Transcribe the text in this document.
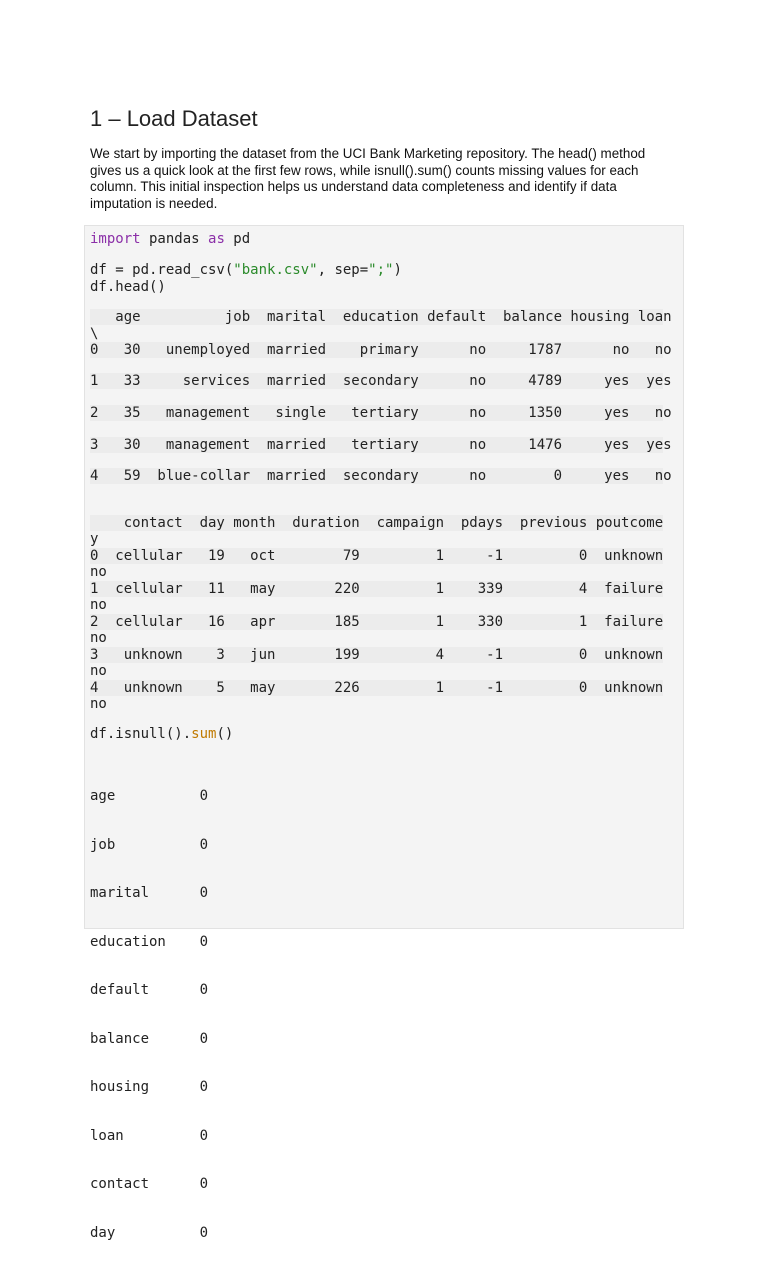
1 – Load Dataset

We start by importing the dataset from the UCI Bank Marketing repository. The head() method
gives us a quick look at the first few rows, while isnull().sum() counts missing values for each
column. This initial inspection helps us understand data completeness and identify if data
imputation is needed.

import pandas as pd
df = pd.read_csv("bank.csv", sep=";")
df.head()
age          job  marital  education default  balance housing loan
\
0   30   unemployed  married    primary      no     1787      no   no
1   33     services  married  secondary      no     4789     yes  yes
2   35   management   single   tertiary      no     1350     yes   no
3   30   management  married   tertiary      no     1476     yes  yes
4   59  blue-collar  married  secondary      no        0     yes   no
contact  day month  duration  campaign  pdays  previous poutcome
y
0  cellular   19   oct        79         1     -1         0  unknown
no
1  cellular   11   may       220         1    339         4  failure
no
2  cellular   16   apr       185         1    330         1  failure
no
3   unknown    3   jun       199         4     -1         0  unknown
no
4   unknown    5   may       226         1     -1         0  unknown
no
df.isnull().sum()

age          0

job          0

marital      0

education    0

default      0

balance      0

housing      0

loan         0

contact      0

day          0
